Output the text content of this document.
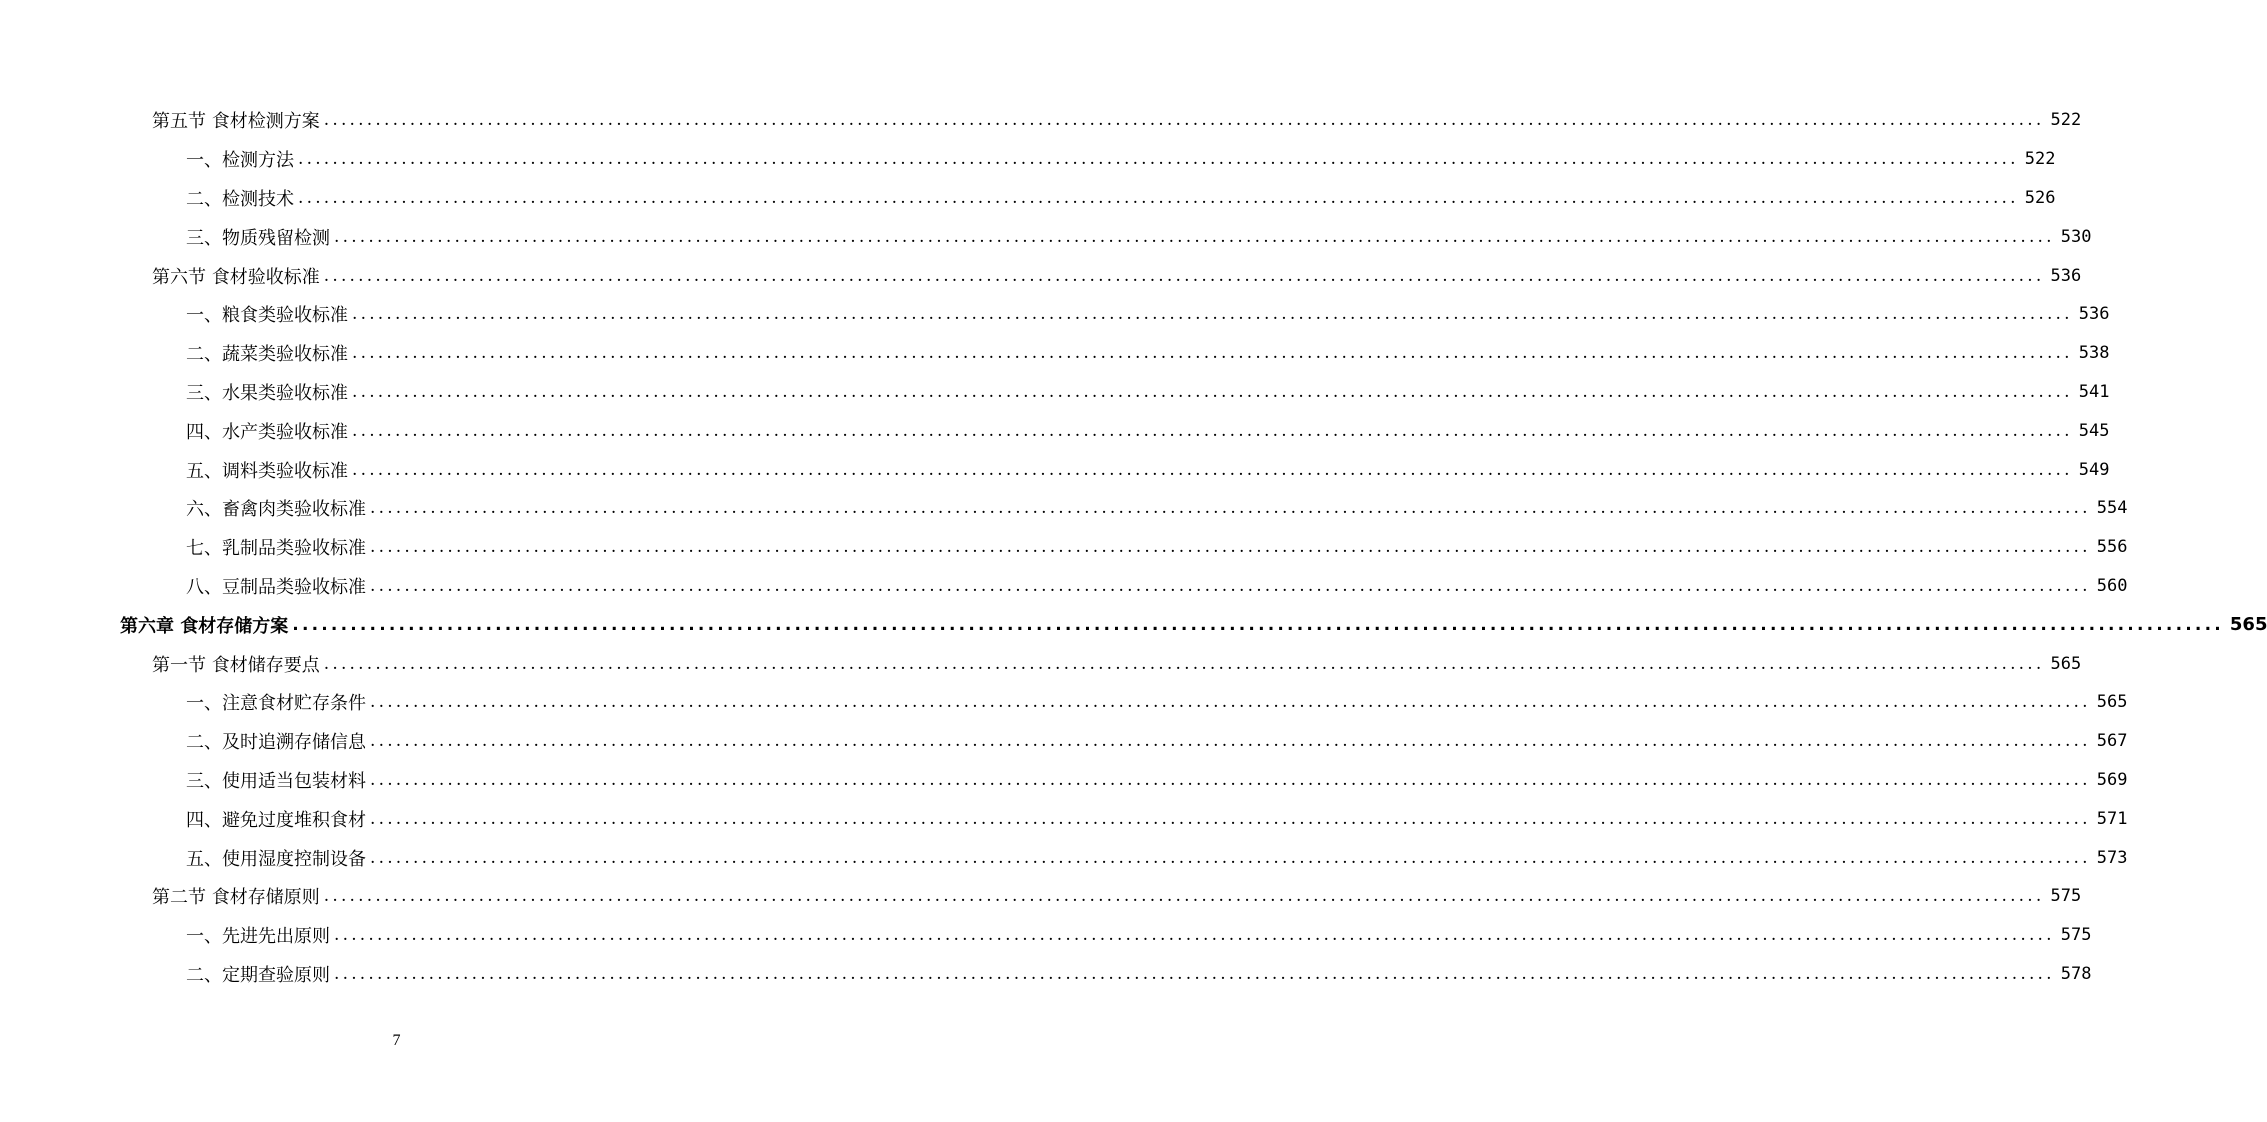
第五节 食材检测方案 ........................................................................................................................................................................................................ 522
一、检测方法 ........................................................................................................................................................................................................ 522
二、检测技术 ........................................................................................................................................................................................................ 526
三、物质残留检测 ........................................................................................................................................................................................................ 530
第六节 食材验收标准 ........................................................................................................................................................................................................ 536
一、粮食类验收标准 ........................................................................................................................................................................................................ 536
二、蔬菜类验收标准 ........................................................................................................................................................................................................ 538
三、水果类验收标准 ........................................................................................................................................................................................................ 541
四、水产类验收标准 ........................................................................................................................................................................................................ 545
五、调料类验收标准 ........................................................................................................................................................................................................ 549
六、畜禽肉类验收标准 ........................................................................................................................................................................................................ 554
七、乳制品类验收标准 ........................................................................................................................................................................................................ 556
八、豆制品类验收标准 ........................................................................................................................................................................................................ 560
第六章 食材存储方案 ........................................................................................................................................................................................................ 565
第一节 食材储存要点 ........................................................................................................................................................................................................ 565
一、注意食材贮存条件 ........................................................................................................................................................................................................ 565
二、及时追溯存储信息 ........................................................................................................................................................................................................ 567
三、使用适当包装材料 ........................................................................................................................................................................................................ 569
四、避免过度堆积食材 ........................................................................................................................................................................................................ 571
五、使用湿度控制设备 ........................................................................................................................................................................................................ 573
第二节 食材存储原则 ........................................................................................................................................................................................................ 575
一、先进先出原则 ........................................................................................................................................................................................................ 575
二、定期查验原则 ........................................................................................................................................................................................................ 578
7
